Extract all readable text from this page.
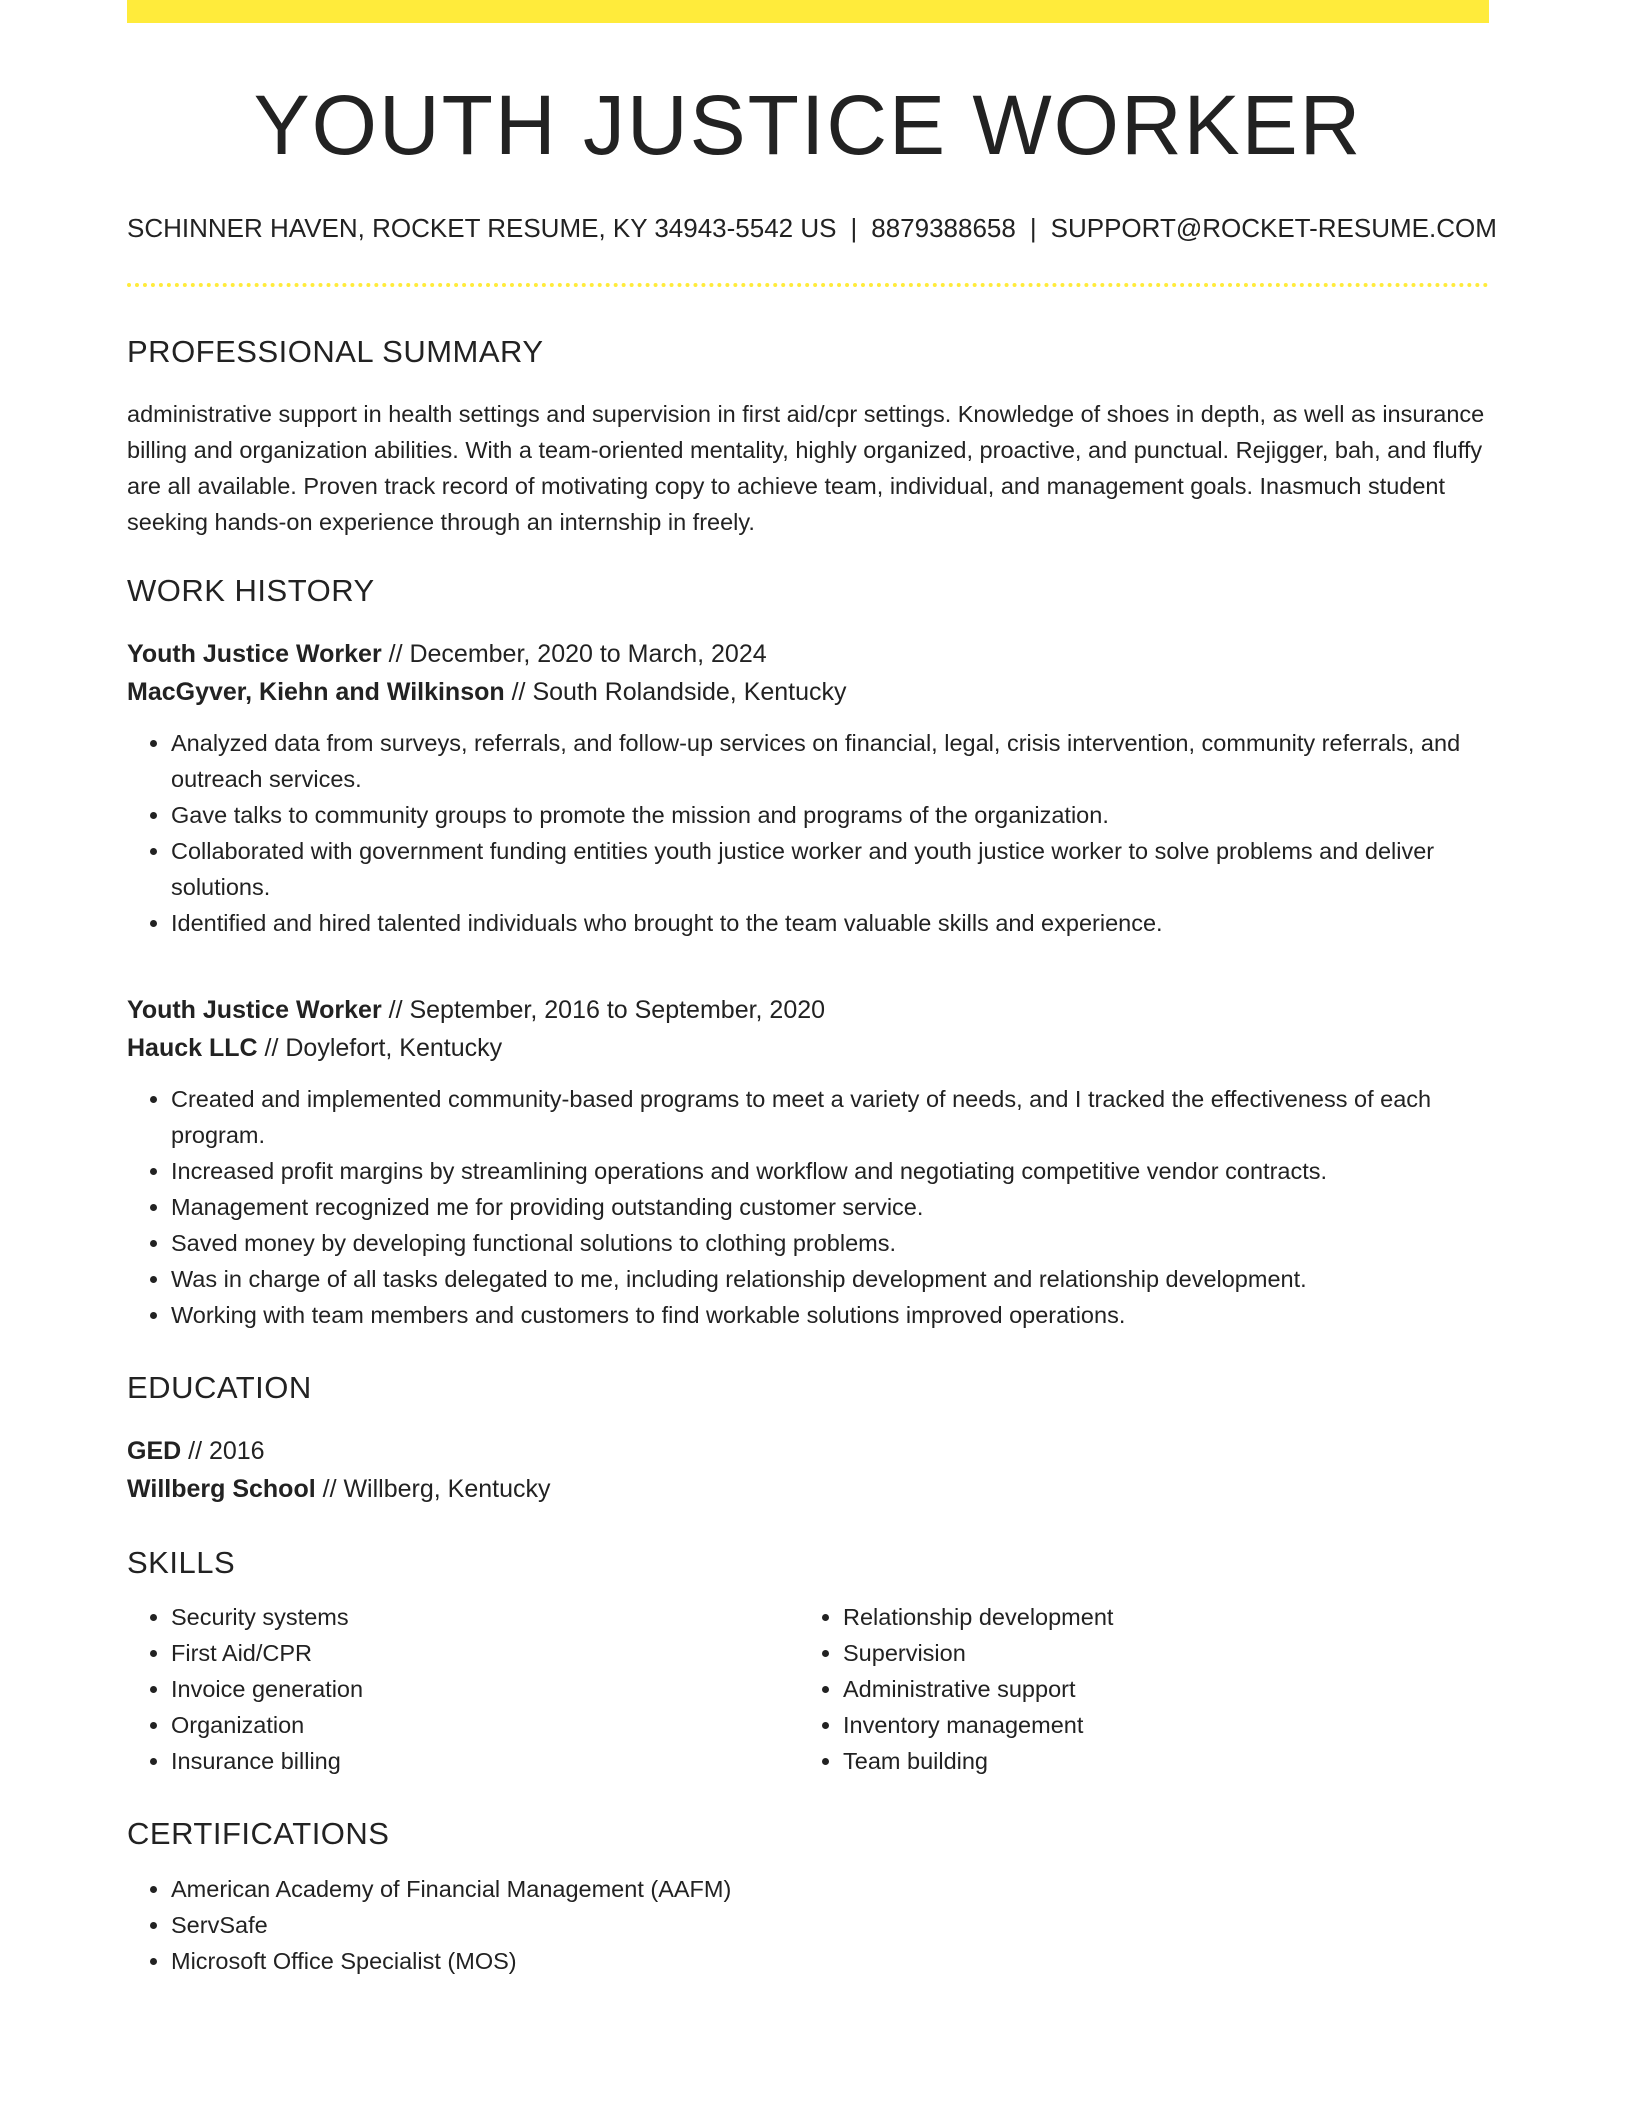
YOUTH JUSTICE WORKER
SCHINNER HAVEN, ROCKET RESUME, KY 34943-5542 US | 8879388658 | SUPPORT@ROCKET-RESUME.COM
PROFESSIONAL SUMMARY
administrative support in health settings and supervision in first aid/cpr settings. Knowledge of shoes in depth, as well as insurance billing and organization abilities. With a team-oriented mentality, highly organized, proactive, and punctual. Rejigger, bah, and fluffy are all available. Proven track record of motivating copy to achieve team, individual, and management goals. Inasmuch student seeking hands-on experience through an internship in freely.
WORK HISTORY
Youth Justice Worker // December, 2020 to March, 2024
MacGyver, Kiehn and Wilkinson // South Rolandside, Kentucky
• Analyzed data from surveys, referrals, and follow-up services on financial, legal, crisis intervention, community referrals, and outreach services.
• Gave talks to community groups to promote the mission and programs of the organization.
• Collaborated with government funding entities youth justice worker and youth justice worker to solve problems and deliver solutions.
• Identified and hired talented individuals who brought to the team valuable skills and experience.
Youth Justice Worker // September, 2016 to September, 2020
Hauck LLC // Doylefort, Kentucky
• Created and implemented community-based programs to meet a variety of needs, and I tracked the effectiveness of each program.
• Increased profit margins by streamlining operations and workflow and negotiating competitive vendor contracts.
• Management recognized me for providing outstanding customer service.
• Saved money by developing functional solutions to clothing problems.
• Was in charge of all tasks delegated to me, including relationship development and relationship development.
• Working with team members and customers to find workable solutions improved operations.
EDUCATION
GED // 2016
Willberg School // Willberg, Kentucky
SKILLS
• Security systems
• First Aid/CPR
• Invoice generation
• Organization
• Insurance billing
• Relationship development
• Supervision
• Administrative support
• Inventory management
• Team building
CERTIFICATIONS
• American Academy of Financial Management (AAFM)
• ServSafe
• Microsoft Office Specialist (MOS)
